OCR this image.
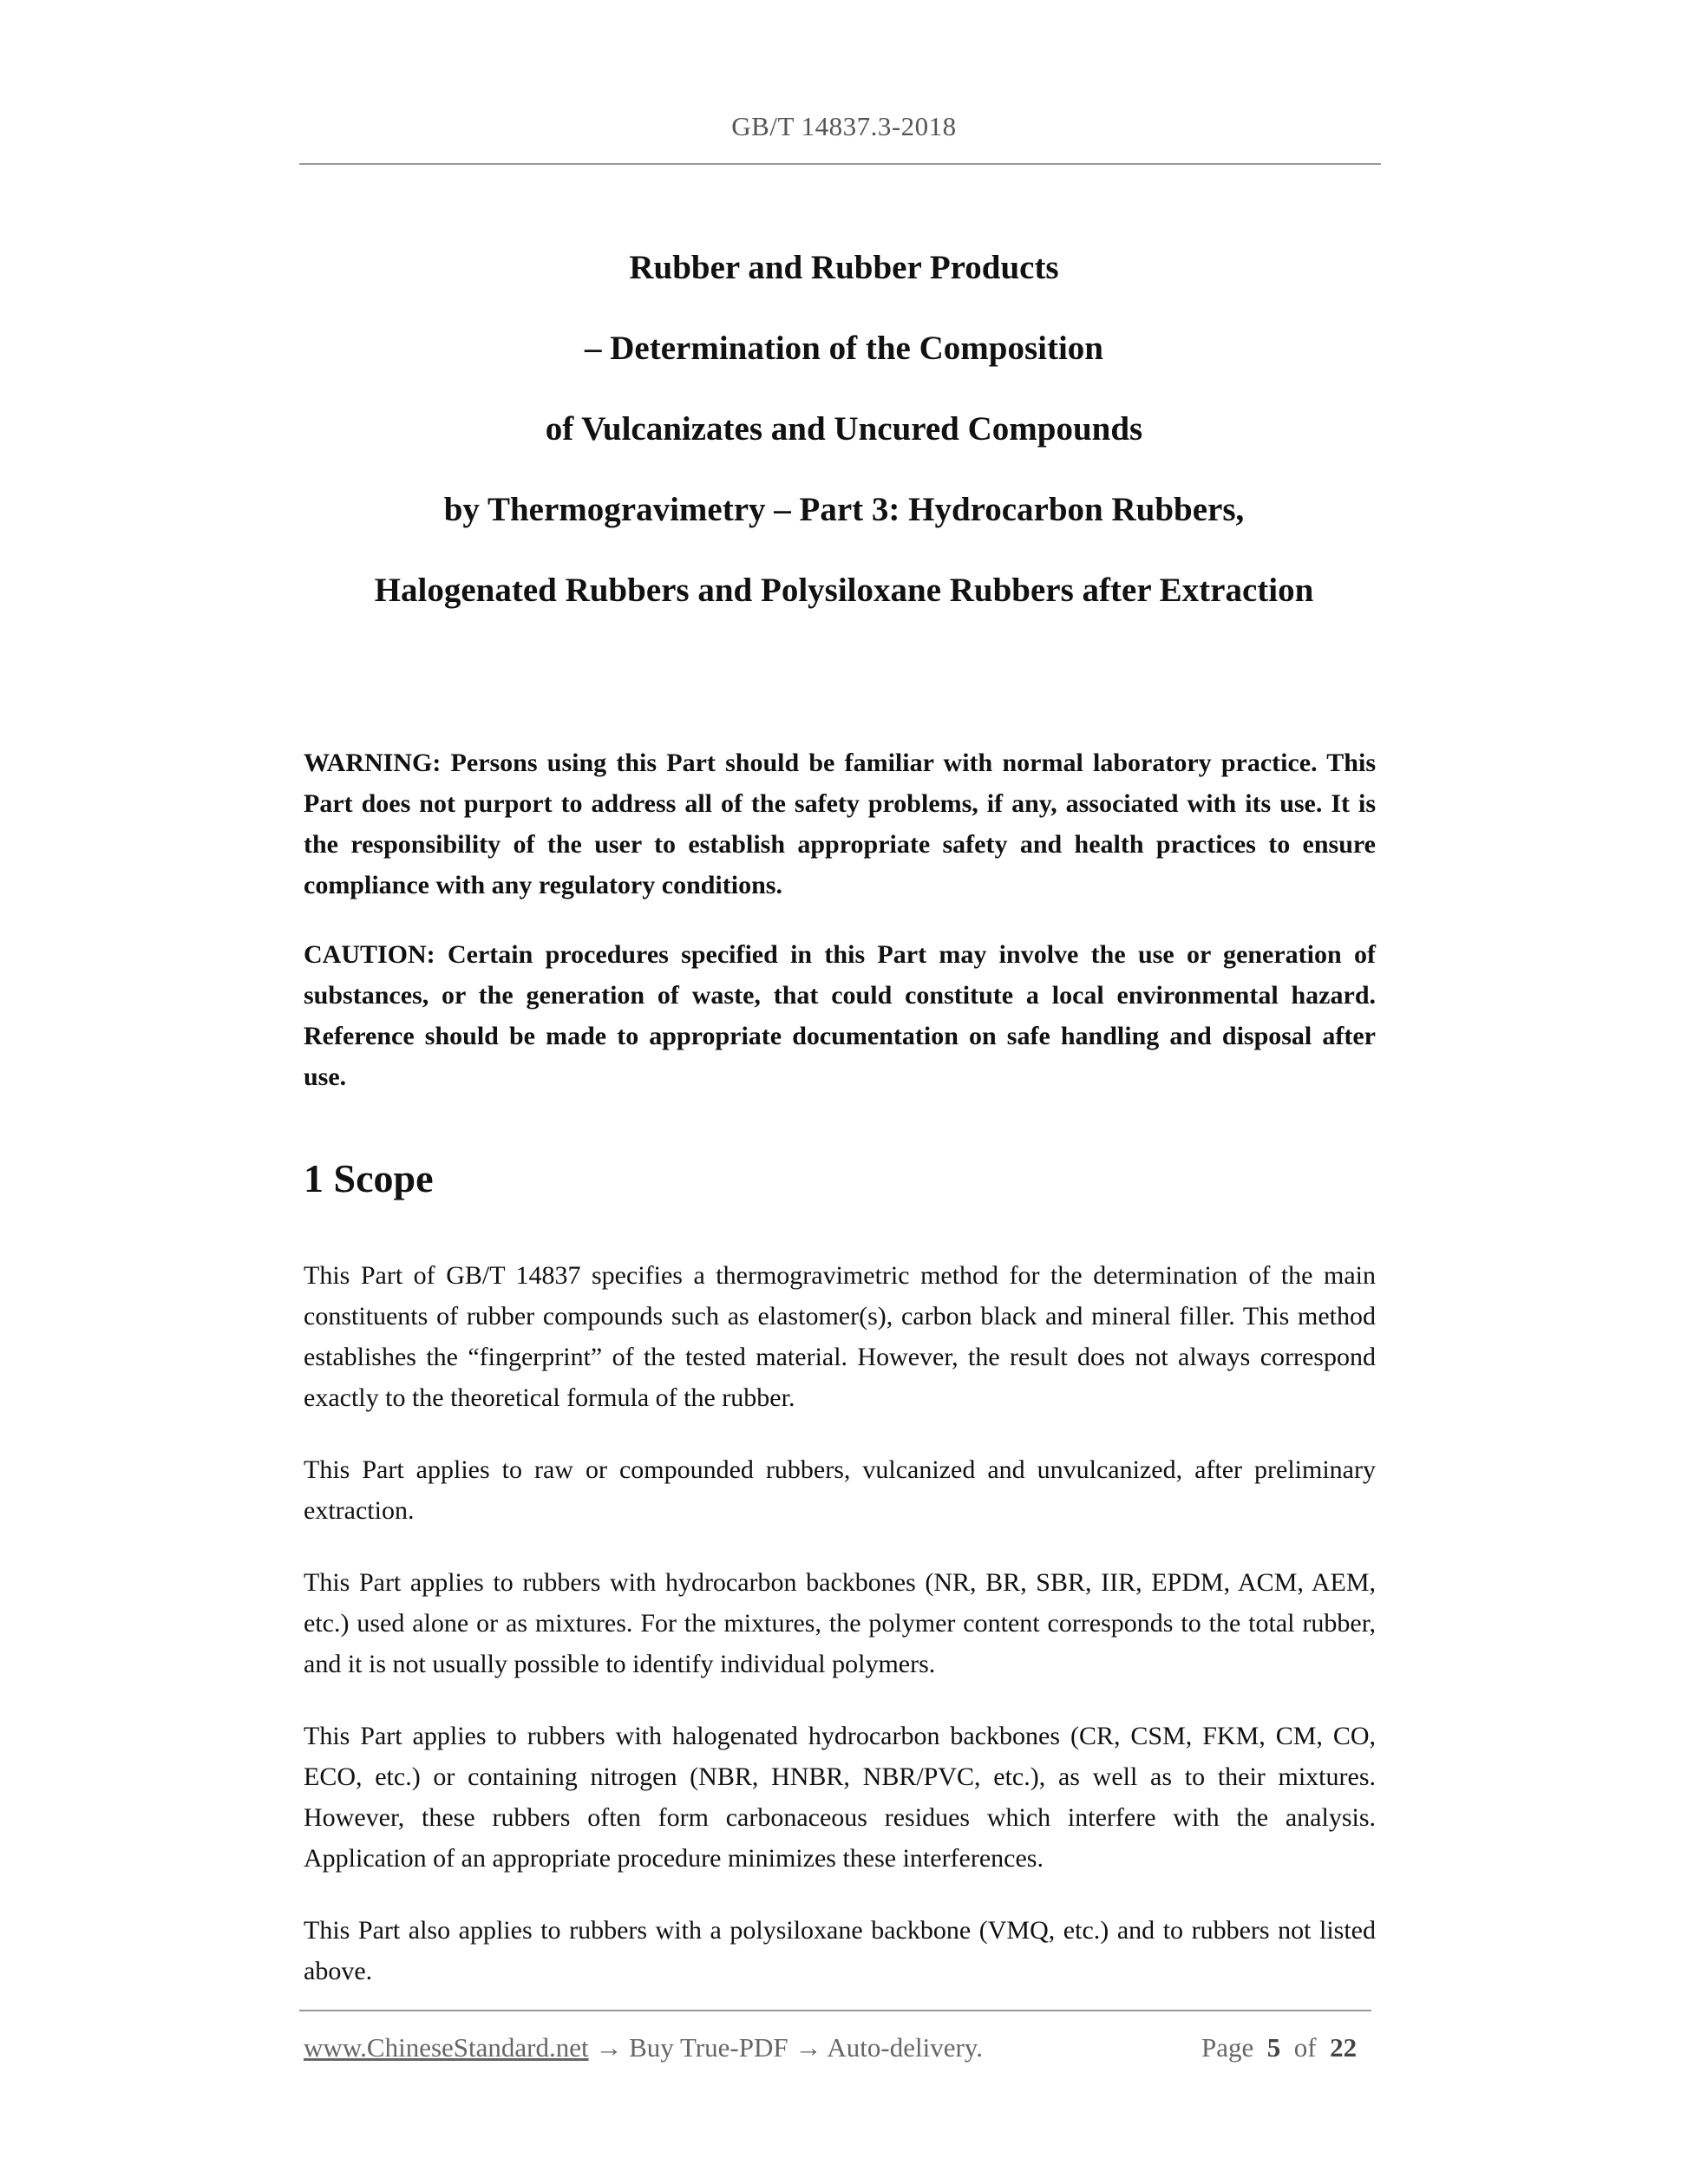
GB/T 14837.3-2018
Rubber and Rubber Products
– Determination of the Composition
of Vulcanizates and Uncured Compounds
by Thermogravimetry – Part 3: Hydrocarbon Rubbers,
Halogenated Rubbers and Polysiloxane Rubbers after Extraction

WARNING: Persons using this Part should be familiar with normal laboratory practice. This Part does not purport to address all of the safety problems, if any, associated with its use. It is the responsibility of the user to establish appropriate safety and health practices to ensure compliance with any regulatory conditions.

CAUTION: Certain procedures specified in this Part may involve the use or generation of substances, or the generation of waste, that could constitute a local environmental hazard. Reference should be made to appropriate documentation on safe handling and disposal after use.

1 Scope

This Part of GB/T 14837 specifies a thermogravimetric method for the determination of the main constituents of rubber compounds such as elastomer(s), carbon black and mineral filler. This method establishes the “fingerprint” of the tested material. However, the result does not always correspond exactly to the theoretical formula of the rubber.

This Part applies to raw or compounded rubbers, vulcanized and unvulcanized, after preliminary extraction.

This Part applies to rubbers with hydrocarbon backbones (NR, BR, SBR, IIR, EPDM, ACM, AEM, etc.) used alone or as mixtures. For the mixtures, the polymer content corresponds to the total rubber, and it is not usually possible to identify individual polymers.

This Part applies to rubbers with halogenated hydrocarbon backbones (CR, CSM, FKM, CM, CO, ECO, etc.) or containing nitrogen (NBR, HNBR, NBR/PVC, etc.), as well as to their mixtures. However, these rubbers often form carbonaceous residues which interfere with the analysis. Application of an appropriate procedure minimizes these interferences.

This Part also applies to rubbers with a polysiloxane backbone (VMQ, etc.) and to rubbers not listed above.

www.ChineseStandard.net → Buy True-PDF → Auto-delivery.	Page 5 of 22
